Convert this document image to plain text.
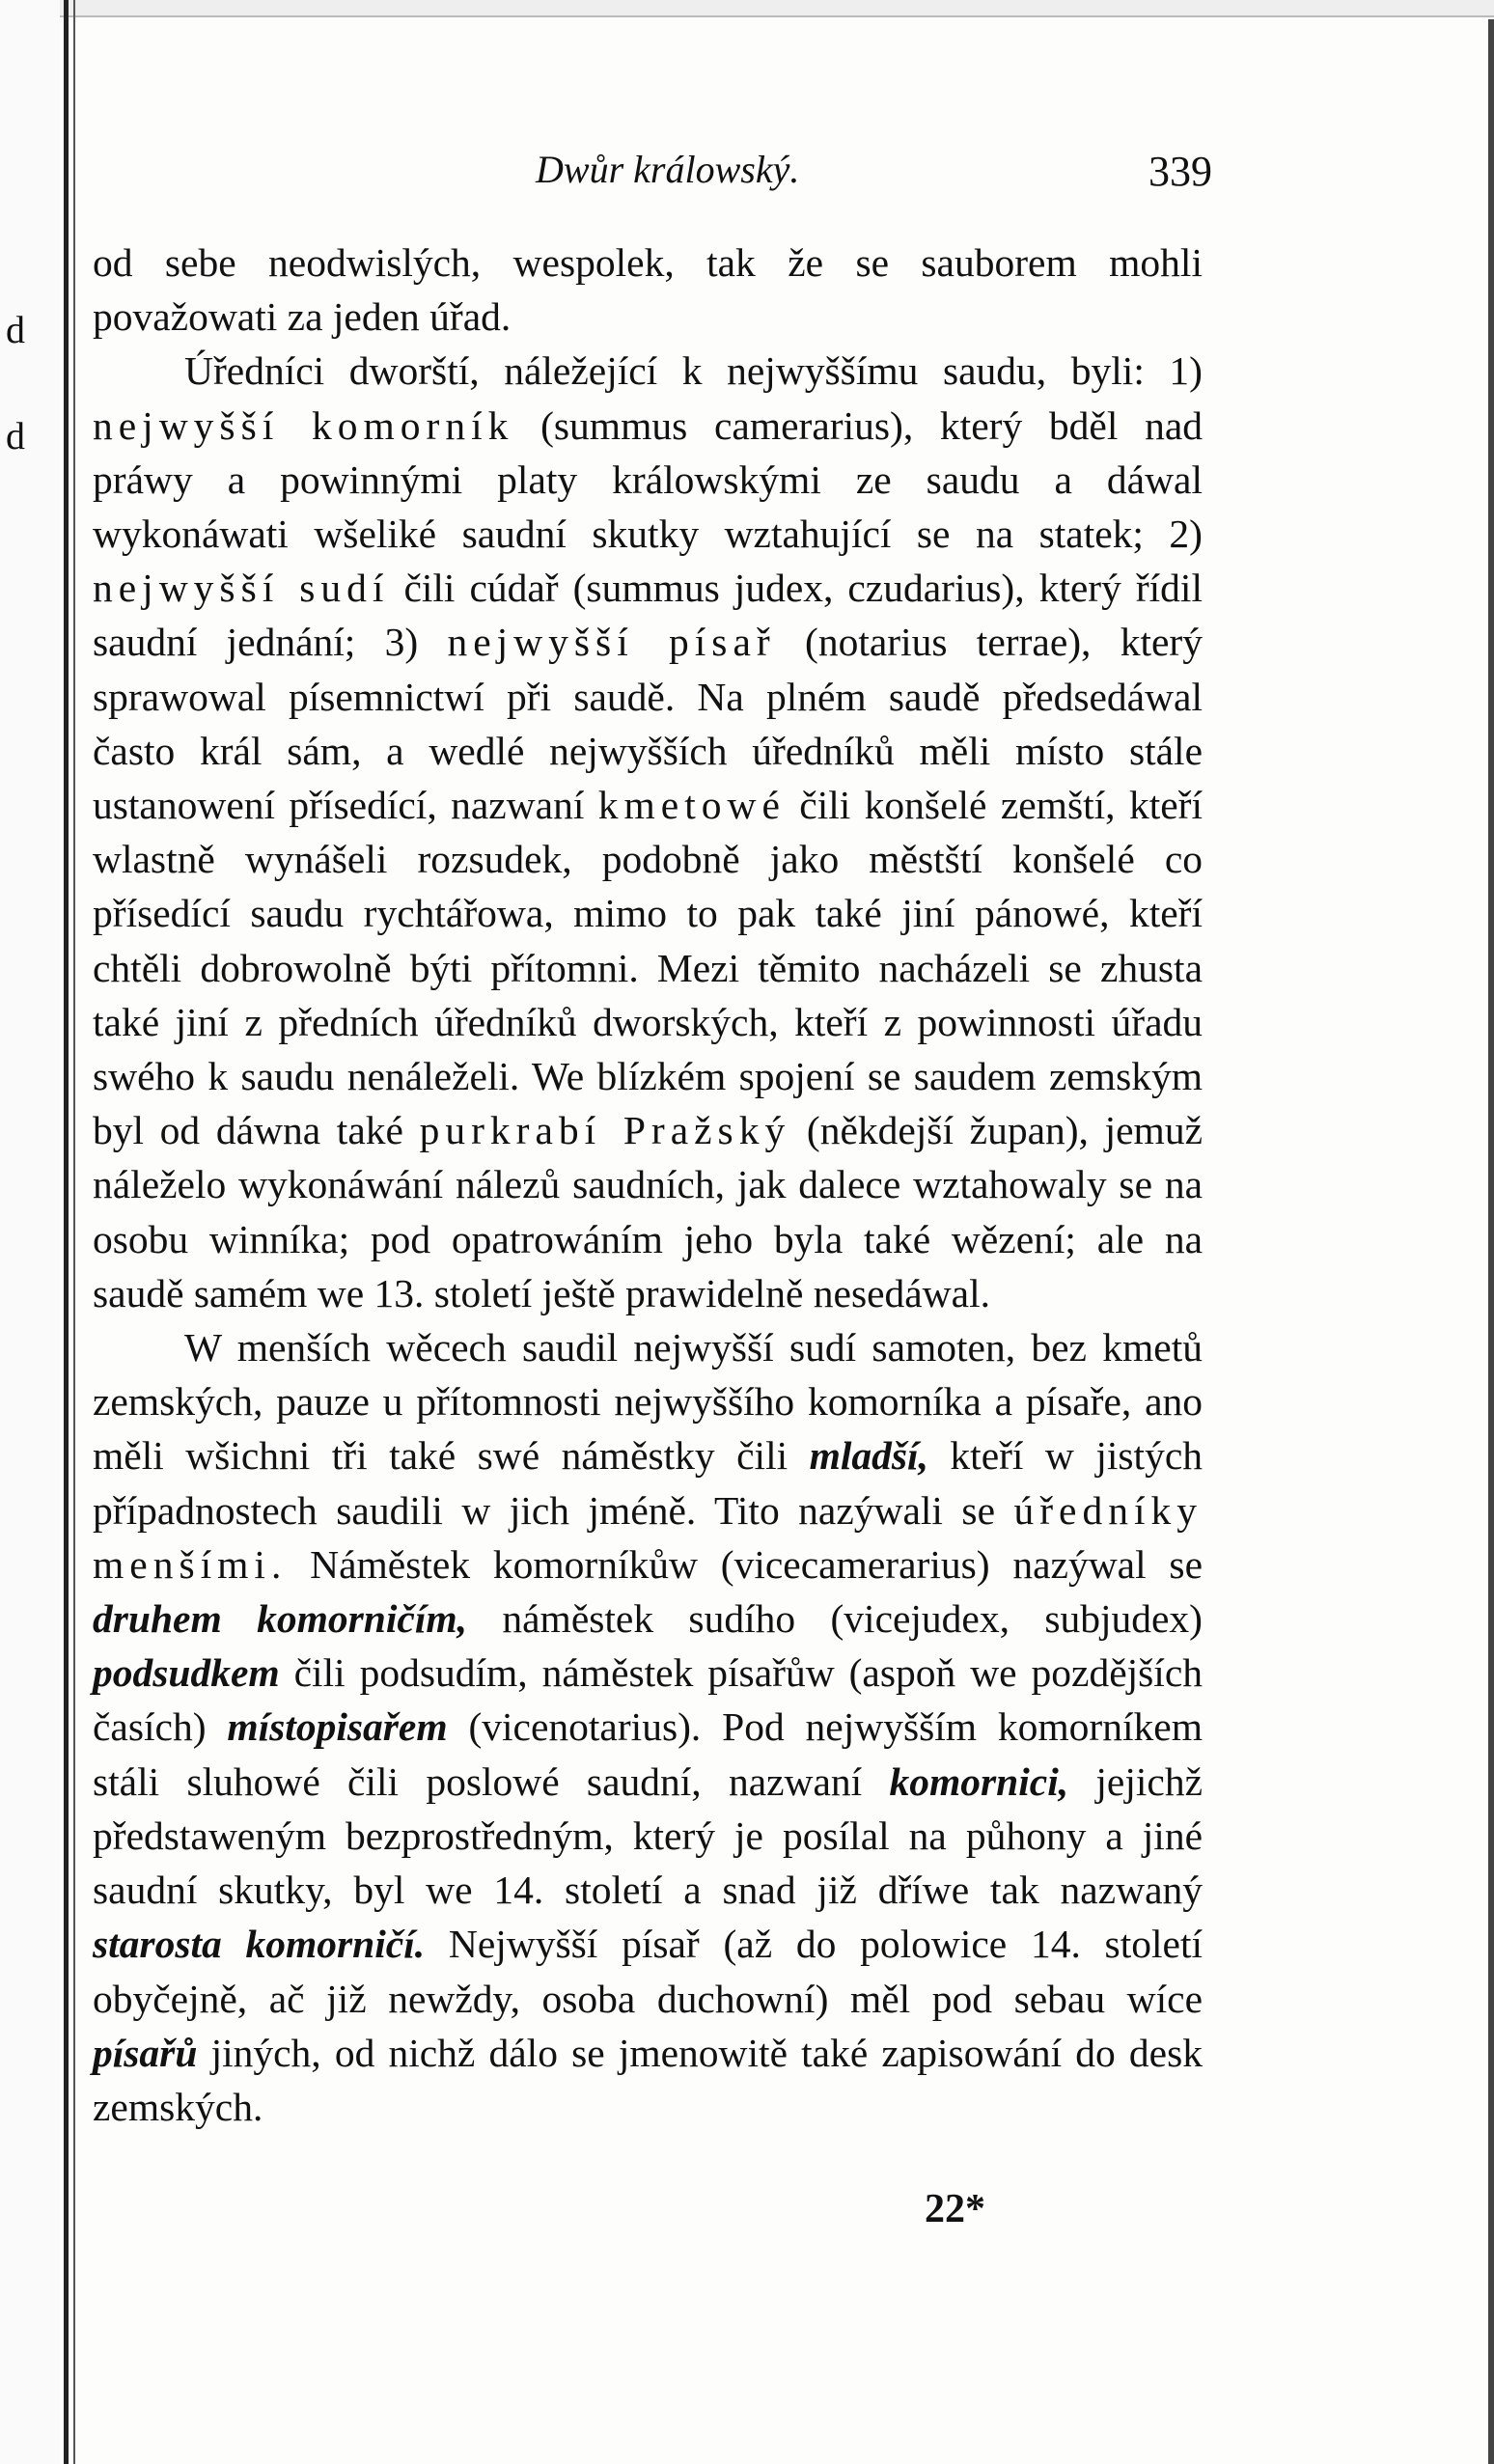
d
d
Dwůr králowský.	339

od sebe neodwislých, wespolek, tak že se sauborem mohli považowati za jeden úřad.

Úředníci dworští, náležející k nejwyššímu saudu, byli: 1) nejwyšší komorník (summus camerarius), který bděl nad práwy a powinnými platy králowskými ze saudu a dáwal wykonáwati wšeliké saudní skutky wztahující se na statek; 2) nejwyšší sudí čili cúdař (summus judex, czudarius), který řídil saudní jednání; 3) nejwyšší písař (notarius terrae), který sprawowal písemnictwí při saudě. Na plném saudě předsedáwal často král sám, a wedlé nejwyšších úředníků měli místo stále ustanowení přísedící, nazwaní kmetowé čili konšelé zemští, kteří wlastně wynášeli rozsudek, podobně jako městští konšelé co přísedící saudu rychtářowa, mimo to pak také jiní pánowé, kteří chtěli dobrowolně býti přítomni. Mezi těmito nacházeli se zhusta také jiní z předních úředníků dworských, kteří z powinnosti úřadu swého k saudu nenáleželi. We blízkém spojení se saudem zemským byl od dáwna také purkrabí Pražský (někdejší župan), jemuž náleželo wykonáwání nálezů saudních, jak dalece wztahowaly se na osobu winníka; pod opatrowáním jeho byla také wězení; ale na saudě samém we 13. století ještě prawidelně nesedáwal.

W menších wěcech saudil nejwyšší sudí samoten, bez kmetů zemských, pauze u přítomnosti nejwyššího komorníka a písaře, ano měli wšichni tři také swé náměstky čili mladší, kteří w jistých případnostech saudili w jich jméně. Tito nazýwali se úředníky menšími. Náměstek komorníkůw (vicecamerarius) nazýwal se druhem komorničím, náměstek sudího (vicejudex, subjudex) podsudkem čili podsudím, náměstek písařůw (aspoň we pozdějších časích) místopisařem (vicenotarius). Pod nejwyšším komorníkem stáli sluhowé čili poslowé saudní, nazwaní komornici, jejichž předstaweným bezprostředným, který je posílal na půhony a jiné saudní skutky, byl we 14. století a snad již dříwe tak nazwaný starosta komorničí. Nejwyšší písař (až do polowice 14. století obyčejně, ač již newždy, osoba duchowní) měl pod sebau wíce písařů jiných, od nichž dálo se jmenowitě také zapisowání do desk zemských.

22*
